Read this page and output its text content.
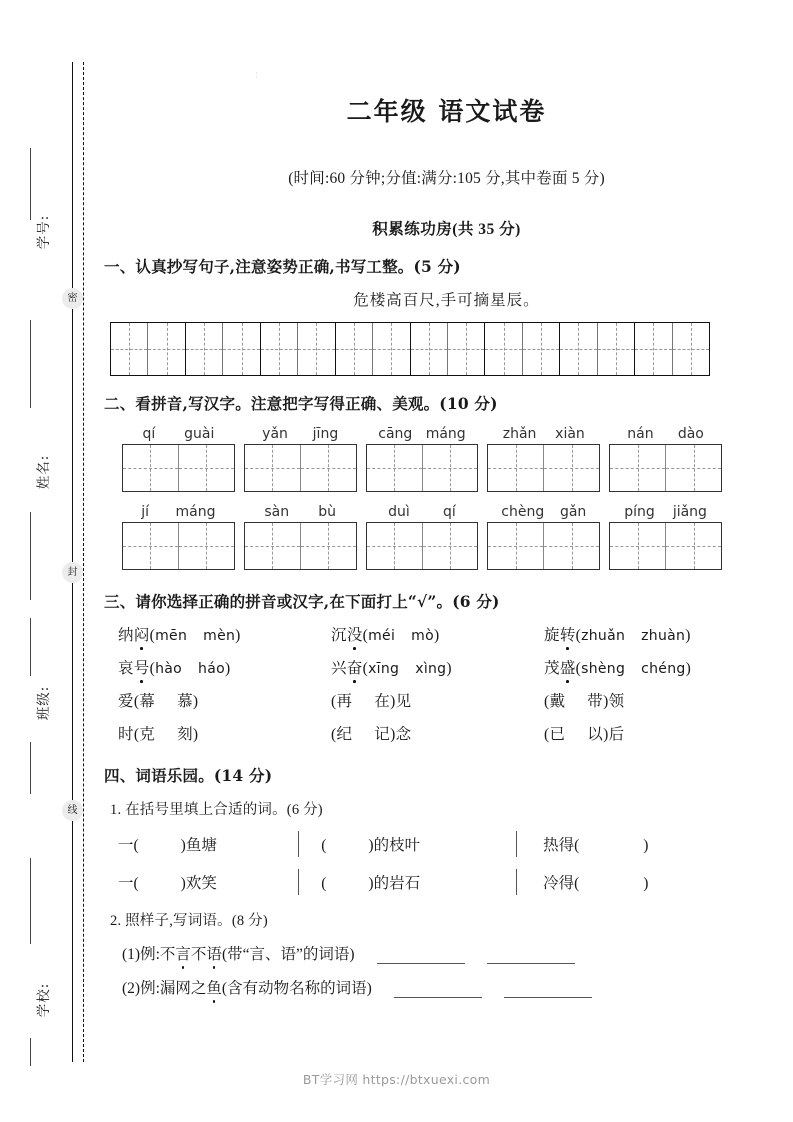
密
封
线
学号:
姓名:
班级:
学校:
:
二年级 语文试卷
(时间:60 分钟;分值:满分:105 分,其中卷面 5 分)
积累练功房(共 35 分)
一、认真抄写句子,注意姿势正确,书写工整。(5 分)
危楼高百尺,手可摘星辰。
二、看拼音,写汉字。注意把字写得正确、美观。(10 分)
qí guài	yǎn jīng	cāng máng	zhǎn xiàn	nán dào
jí máng	sàn bù	duì qí	chèng gǎn	píng jiǎng
三、请你选择正确的拼音或汉字,在下面打上“√”。(6 分)
纳闷(mēn mèn)	沉没(méi mò)	旋转(zhuǎn zhuàn)
哀号(hào háo)	兴奋(xīng xìng)	茂盛(shèng chéng)
爱(幕 慕)	(再 在)见	(戴 带)领
时(克 刻)	(纪 记)念	(已 以)后
四、词语乐园。(14 分)
1. 在括号里填上合适的词。(6 分)
一(	)鱼塘	(	)的枝叶	热得(	)
一(	)欢笑	(	)的岩石	冷得(	)
2. 照样子,写词语。(8 分)
(1)例:不言不语(带“言、语”的词语)
(2)例:漏网之鱼(含有动物名称的词语)
BT学习网 https://btxuexi.com
